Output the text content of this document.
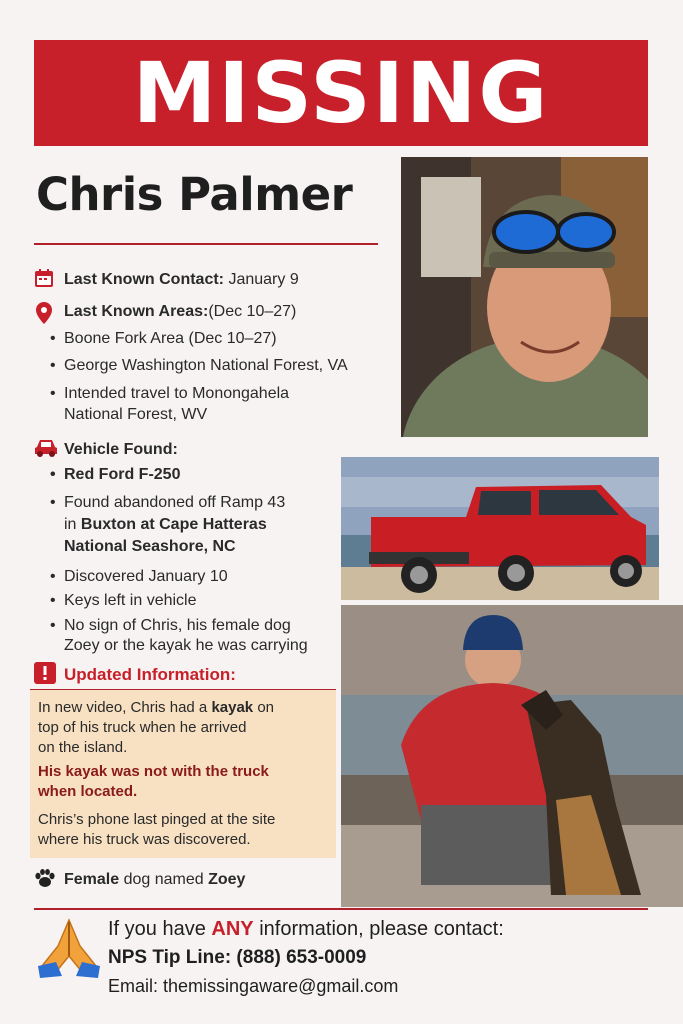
MISSING
Chris Palmer
Last Known Contact: January 9
Last Known Areas:(Dec 10–27)
• Boone Fork Area (Dec 10–27)
• George Washington National Forest, VA
• Intended travel to Monongahela
National Forest, WV
Vehicle Found:
• Red Ford F-250
• Found abandoned off Ramp 43
in Buxton at Cape Hatteras
National Seashore, NC
• Discovered January 10
• Keys left in vehicle
• No sign of Chris, his female dog
Zoey or the kayak he was carrying
Updated Information:
In new video, Chris had a kayak on
top of his truck when he arrived
on the island.
His kayak was not with the truck
when located.
Chris’s phone last pinged at the site
where his truck was discovered.
Female dog named Zoey
If you have ANY information, please contact:
NPS Tip Line: (888) 653-0009
Email: themissingaware@gmail.com
